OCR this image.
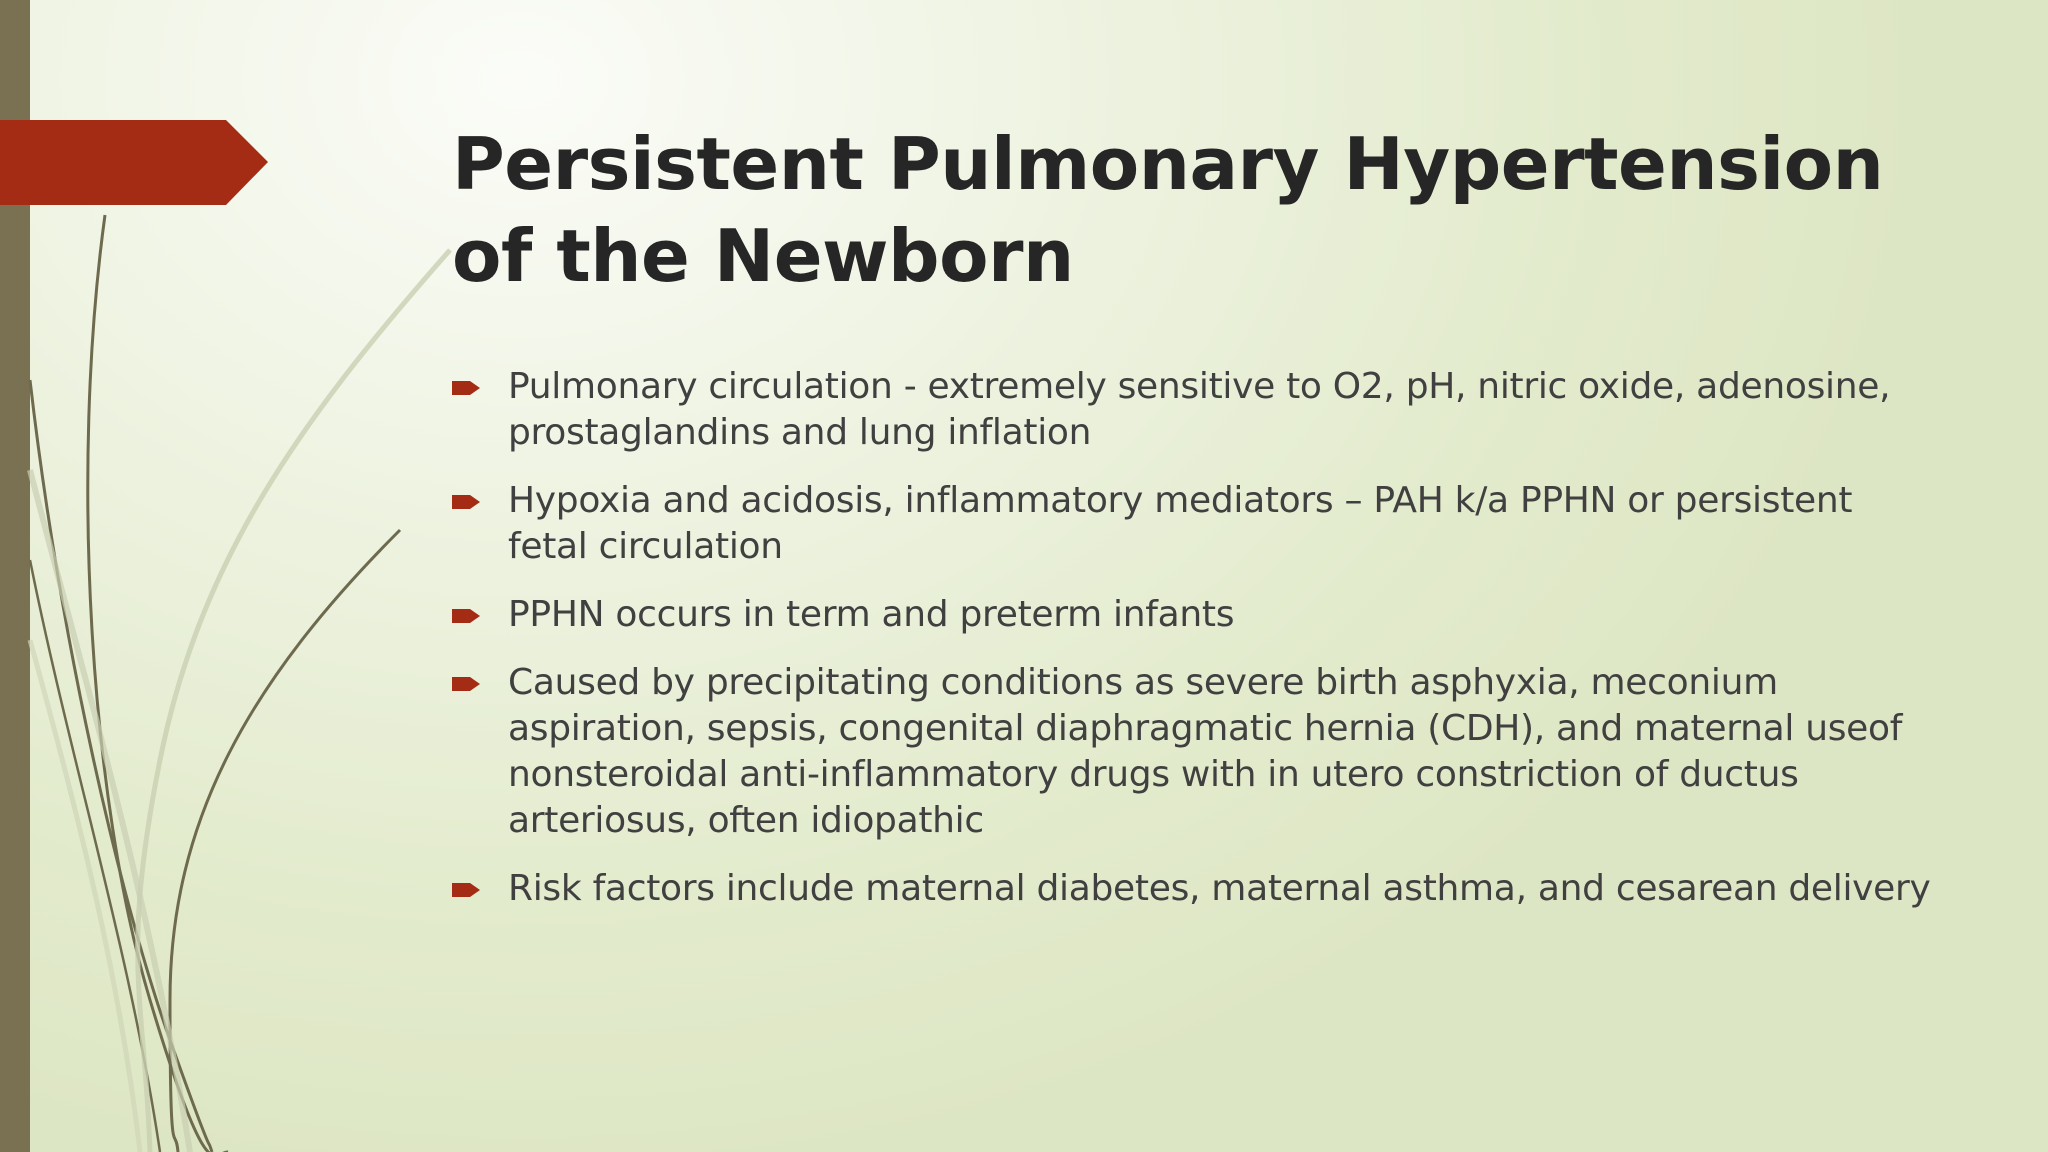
Persistent Pulmonary Hypertension of the Newborn
Pulmonary circulation - extremely sensitive to O2, pH, nitric oxide, adenosine, prostaglandins and lung inflation
Hypoxia and acidosis, inflammatory mediators – PAH k/a PPHN or persistent fetal circulation
PPHN occurs in term and preterm infants
Caused by precipitating conditions as severe birth asphyxia, meconium aspiration, sepsis, congenital diaphragmatic hernia (CDH), and maternal useof nonsteroidal anti-inflammatory drugs with in utero constriction of ductus arteriosus, often idiopathic
Risk factors include maternal diabetes, maternal asthma, and cesarean delivery
